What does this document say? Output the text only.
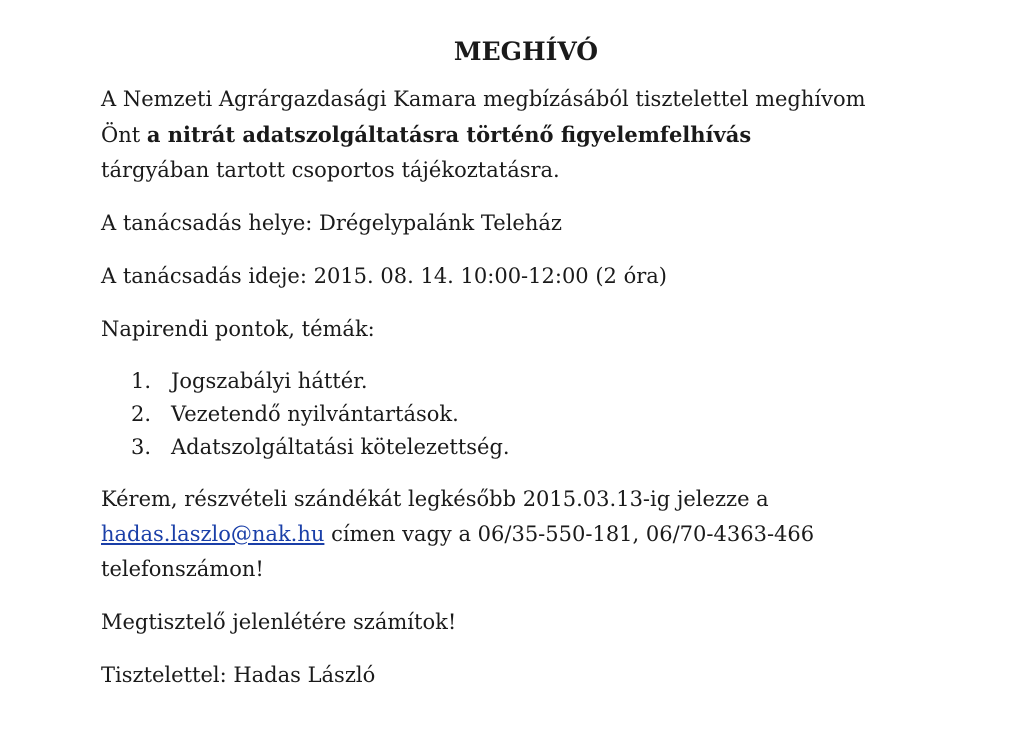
MEGHÍVÓ
A Nemzeti Agrárgazdasági Kamara megbízásából tisztelettel meghívom
Önt a nitrát adatszolgáltatásra történő figyelemfelhívás
tárgyában tartott csoportos tájékoztatásra.
A tanácsadás helye: Drégelypalánk Teleház
A tanácsadás ideje: 2015. 08. 14. 10:00-12:00 (2 óra)
Napirendi pontok, témák:
1. Jogszabályi háttér.
2. Vezetendő nyilvántartások.
3. Adatszolgáltatási kötelezettség.
Kérem, részvételi szándékát legkésőbb 2015.03.13-ig jelezze a
hadas.laszlo@nak.hu címen vagy a 06/35-550-181, 06/70-4363-466
telefonszámon!
Megtisztelő jelenlétére számítok!
Tisztelettel: Hadas László
